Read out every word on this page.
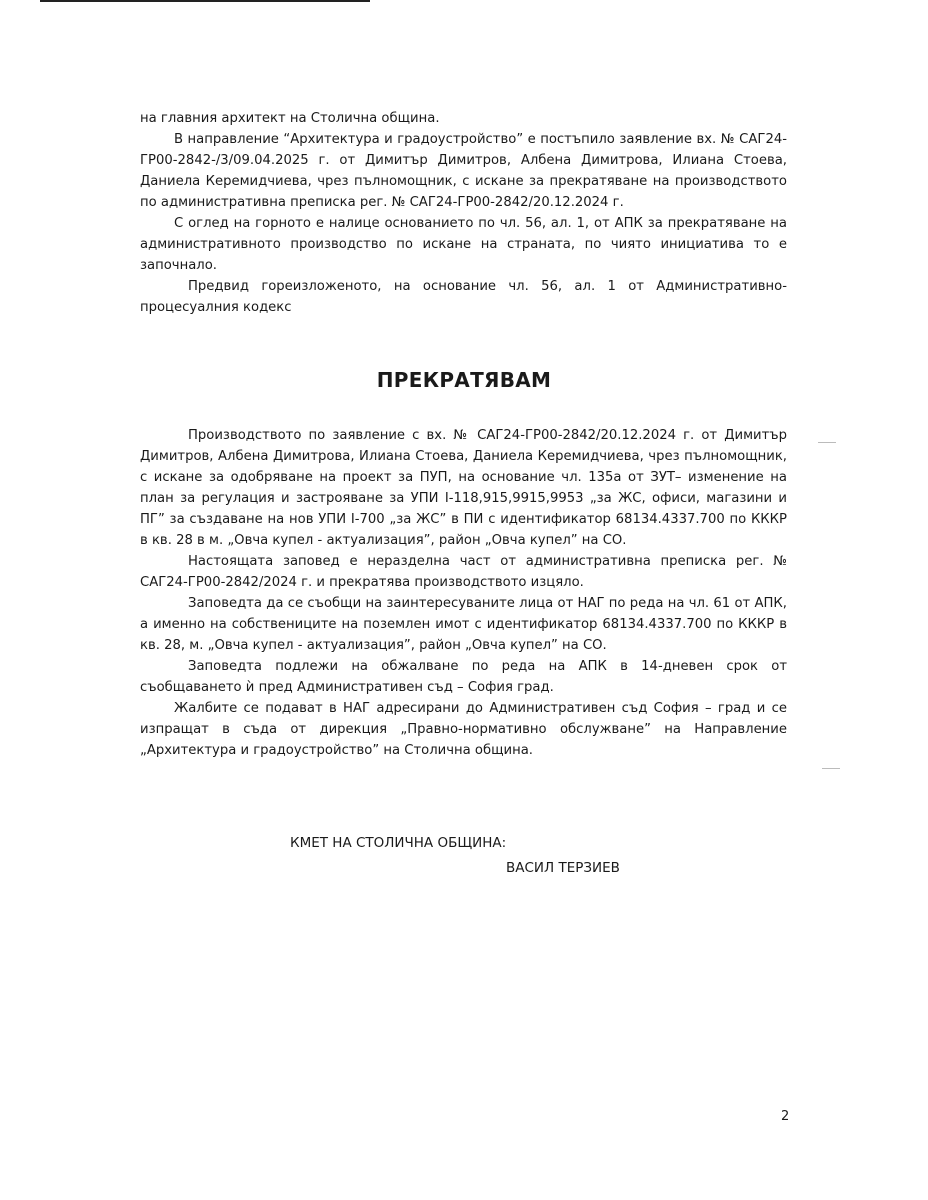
на главния архитект на Столична община.

В направление “Архитектура и градоустройство” е постъпило заявление вх. № САГ24-ГР00-2842-/3/09.04.2025 г. от Димитър Димитров, Албена Димитрова, Илиана Стоева, Даниела Керемидчиева, чрез пълномощник, с искане за прекратяване на производството по административна преписка рег. № САГ24-ГР00-2842/20.12.2024 г.

С оглед на горното е налице основанието по чл. 56, ал. 1, от АПК за прекратяване на административното производство по искане на страната, по чиято инициатива то е започнало.

Предвид гореизложеното, на основание чл. 56, ал. 1 от Административно-процесуалния кодекс

ПРЕКРАТЯВАМ

Производството по заявление с вх. № САГ24-ГР00-2842/20.12.2024 г. от Димитър Димитров, Албена Димитрова, Илиана Стоева, Даниела Керемидчиева, чрез пълномощник, с искане за одобряване на проект за ПУП, на основание чл. 135а от ЗУТ– изменение на план за регулация и застрояване за УПИ I-118,915,9915,9953 „за ЖС, офиси, магазини и ПГ” за създаване на нов УПИ I-700 „за ЖС” в ПИ с идентификатор 68134.4337.700 по КККР в кв. 28 в м. „Овча купел - актуализация”, район „Овча купел” на СО.

Настоящата заповед е неразделна част от административна преписка рег. № САГ24-ГР00-2842/2024 г. и прекратява производството изцяло.

Заповедта да се съобщи на заинтересуваните лица от НАГ по реда на чл. 61 от АПК, а именно на собствениците на поземлен имот с идентификатор 68134.4337.700 по КККР в кв. 28, м. „Овча купел - актуализация”, район „Овча купел” на СО.

Заповедта подлежи на обжалване по реда на АПК в 14-дневен срок от съобщаването ѝ пред Административен съд – София град.

Жалбите се подават в НАГ адресирани до Административен съд София – град и се изпращат в съда от дирекция „Правно-нормативно обслужване” на Направление „Архитектура и градоустройство” на Столична община.

КМЕТ НА СТОЛИЧНА ОБЩИНА:
ВАСИЛ ТЕРЗИЕВ
2
